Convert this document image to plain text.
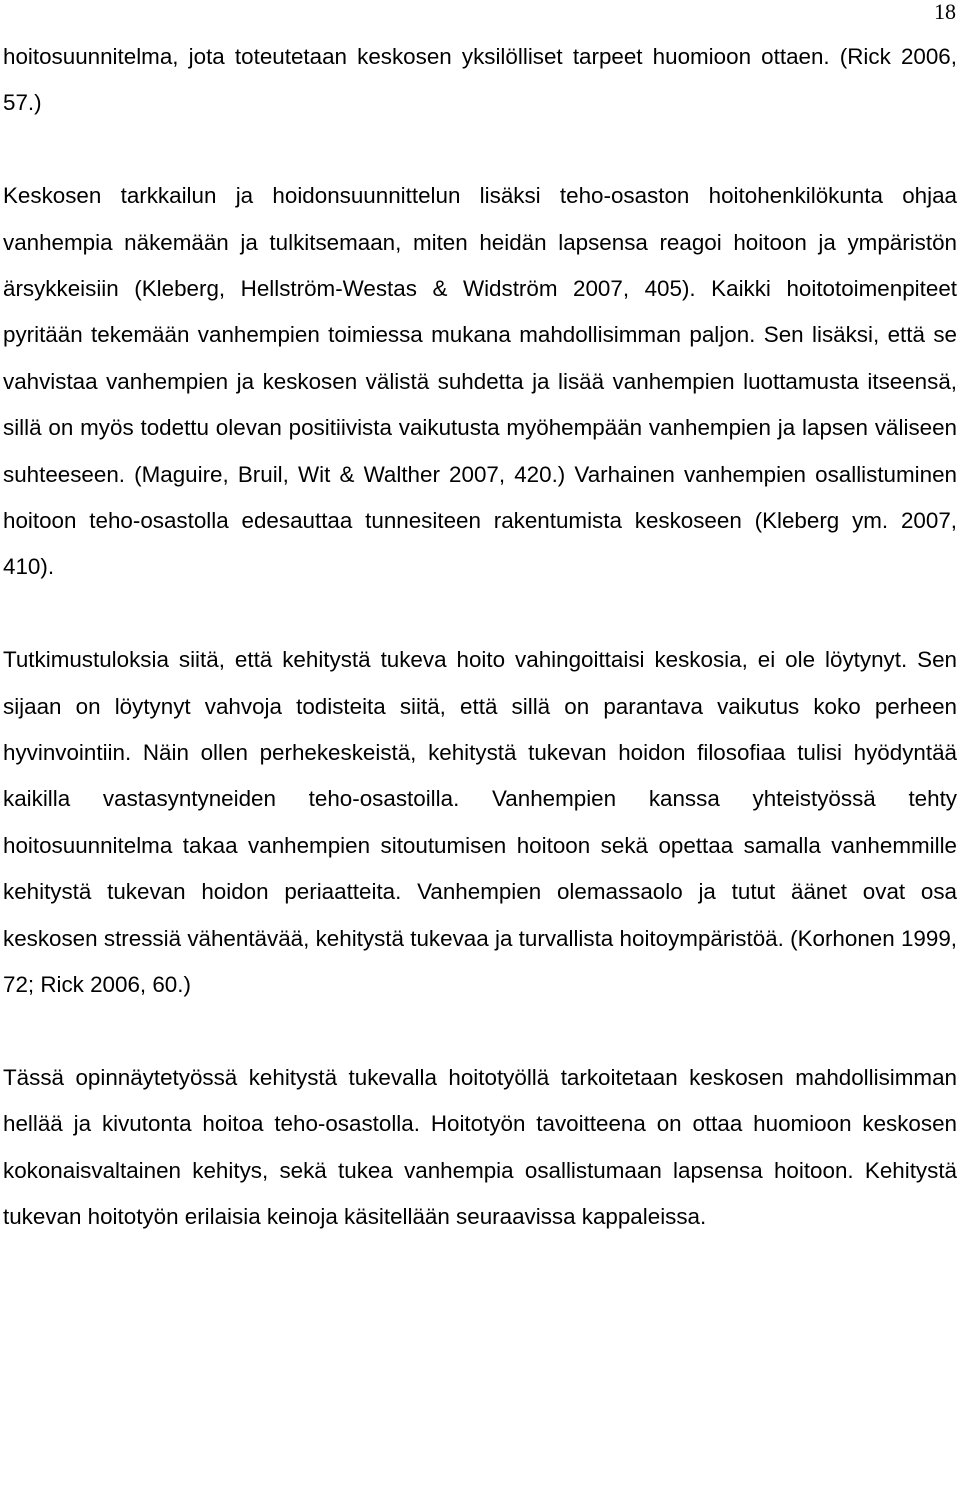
18

hoitosuunnitelma, jota toteutetaan keskosen yksilölliset tarpeet huomioon ottaen. (Rick 2006, 57.)

Keskosen tarkkailun ja hoidonsuunnittelun lisäksi teho-osaston hoitohenkilökunta ohjaa vanhempia näkemään ja tulkitsemaan, miten heidän lapsensa reagoi hoitoon ja ympäristön ärsykkeisiin (Kleberg, Hellström-Westas & Widström 2007, 405). Kaikki hoitotoimenpiteet pyritään tekemään vanhempien toimiessa mukana mahdollisimman paljon. Sen lisäksi, että se vahvistaa vanhempien ja keskosen välistä suhdetta ja lisää vanhempien luottamusta itseensä, sillä on myös todettu olevan positiivista vaikutusta myöhempään vanhempien ja lapsen väliseen suhteeseen. (Maguire, Bruil, Wit & Walther 2007, 420.) Varhainen vanhempien osallistuminen hoitoon teho-osastolla edesauttaa tunnesiteen rakentumista keskoseen (Kleberg ym. 2007, 410).

Tutkimustuloksia siitä, että kehitystä tukeva hoito vahingoittaisi keskosia, ei ole löytynyt. Sen sijaan on löytynyt vahvoja todisteita siitä, että sillä on parantava vaikutus koko perheen hyvinvointiin. Näin ollen perhekeskeistä, kehitystä tukevan hoidon filosofiaa tulisi hyödyntää kaikilla vastasyntyneiden teho-osastoilla. Vanhempien kanssa yhteistyössä tehty hoitosuunnitelma takaa vanhempien sitoutumisen hoitoon sekä opettaa samalla vanhemmille kehitystä tukevan hoidon periaatteita. Vanhempien olemassaolo ja tutut äänet ovat osa keskosen stressiä vähentävää, kehitystä tukevaa ja turvallista hoitoympäristöä. (Korhonen 1999, 72; Rick 2006, 60.)

Tässä opinnäytetyössä kehitystä tukevalla hoitotyöllä tarkoitetaan keskosen mahdollisimman hellää ja kivutonta hoitoa teho-osastolla. Hoitotyön tavoitteena on ottaa huomioon keskosen kokonaisvaltainen kehitys, sekä tukea vanhempia osallistumaan lapsensa hoitoon. Kehitystä tukevan hoitotyön erilaisia keinoja käsitellään seuraavissa kappaleissa.
